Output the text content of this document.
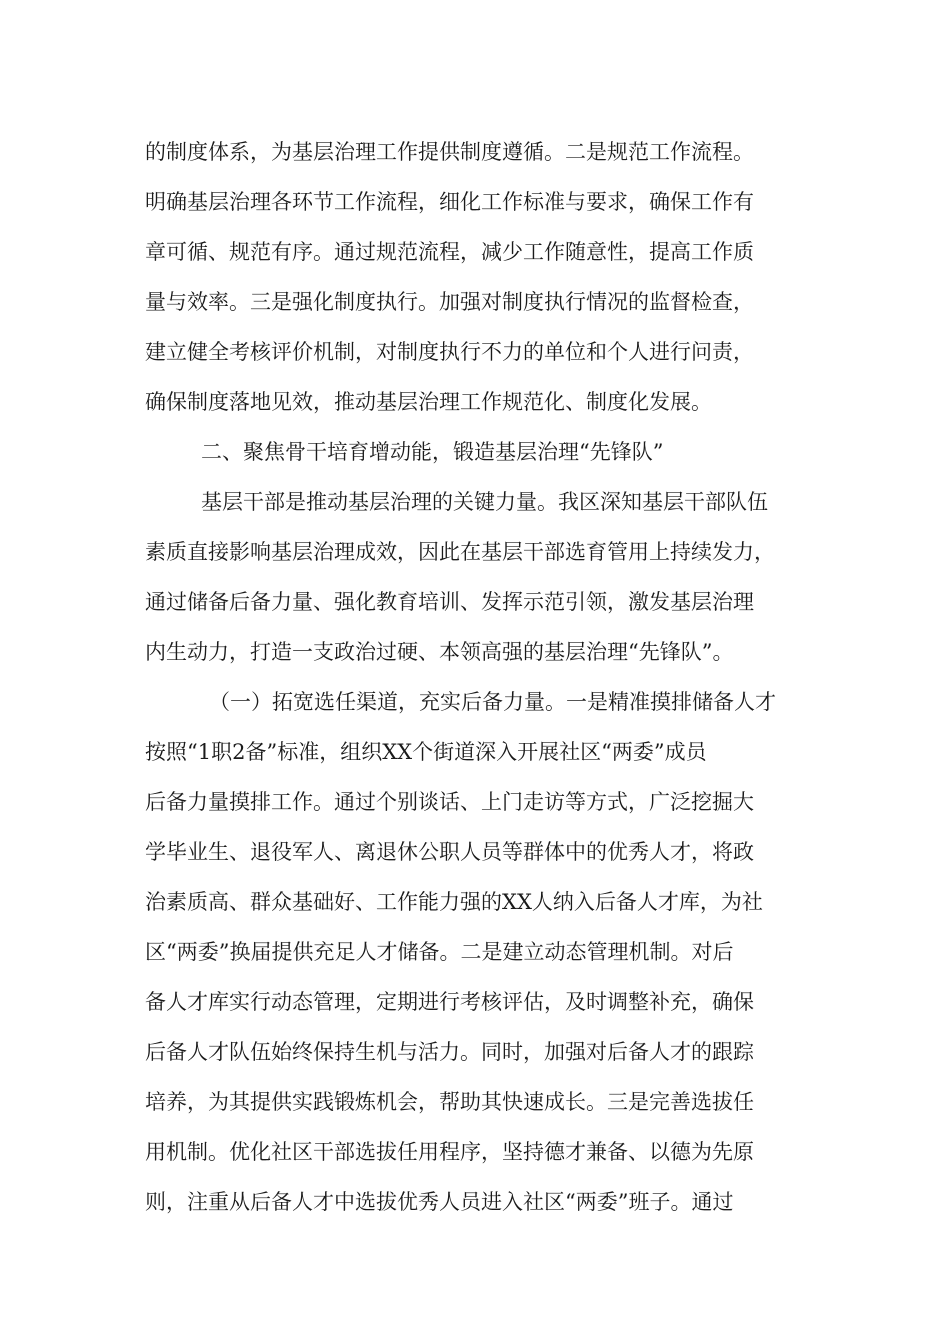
的制度体系，为基层治理工作提供制度遵循。二是规范工作流程。
明确基层治理各环节工作流程，细化工作标准与要求，确保工作有
章可循、规范有序。通过规范流程，减少工作随意性，提高工作质
量与效率。三是强化制度执行。加强对制度执行情况的监督检查，
建立健全考核评价机制，对制度执行不力的单位和个人进行问责，
确保制度落地见效，推动基层治理工作规范化、制度化发展。
二、聚焦骨干培育增动能，锻造基层治理“先锋队”
基层干部是推动基层治理的关键力量。我区深知基层干部队伍
素质直接影响基层治理成效，因此在基层干部选育管用上持续发力，
通过储备后备力量、强化教育培训、发挥示范引领，激发基层治理
内生动力，打造一支政治过硬、本领高强的基层治理“先锋队”。
（一）拓宽选任渠道，充实后备力量。一是精准摸排储备人才
按照“1职2备”标准，组织XX个街道深入开展社区“两委”成员
后备力量摸排工作。通过个别谈话、上门走访等方式，广泛挖掘大
学毕业生、退役军人、离退休公职人员等群体中的优秀人才，将政
治素质高、群众基础好、工作能力强的XX人纳入后备人才库，为社
区“两委”换届提供充足人才储备。二是建立动态管理机制。对后
备人才库实行动态管理，定期进行考核评估，及时调整补充，确保
后备人才队伍始终保持生机与活力。同时，加强对后备人才的跟踪
培养，为其提供实践锻炼机会，帮助其快速成长。三是完善选拔任
用机制。优化社区干部选拔任用程序，坚持德才兼备、以德为先原
则，注重从后备人才中选拔优秀人员进入社区“两委”班子。通过
